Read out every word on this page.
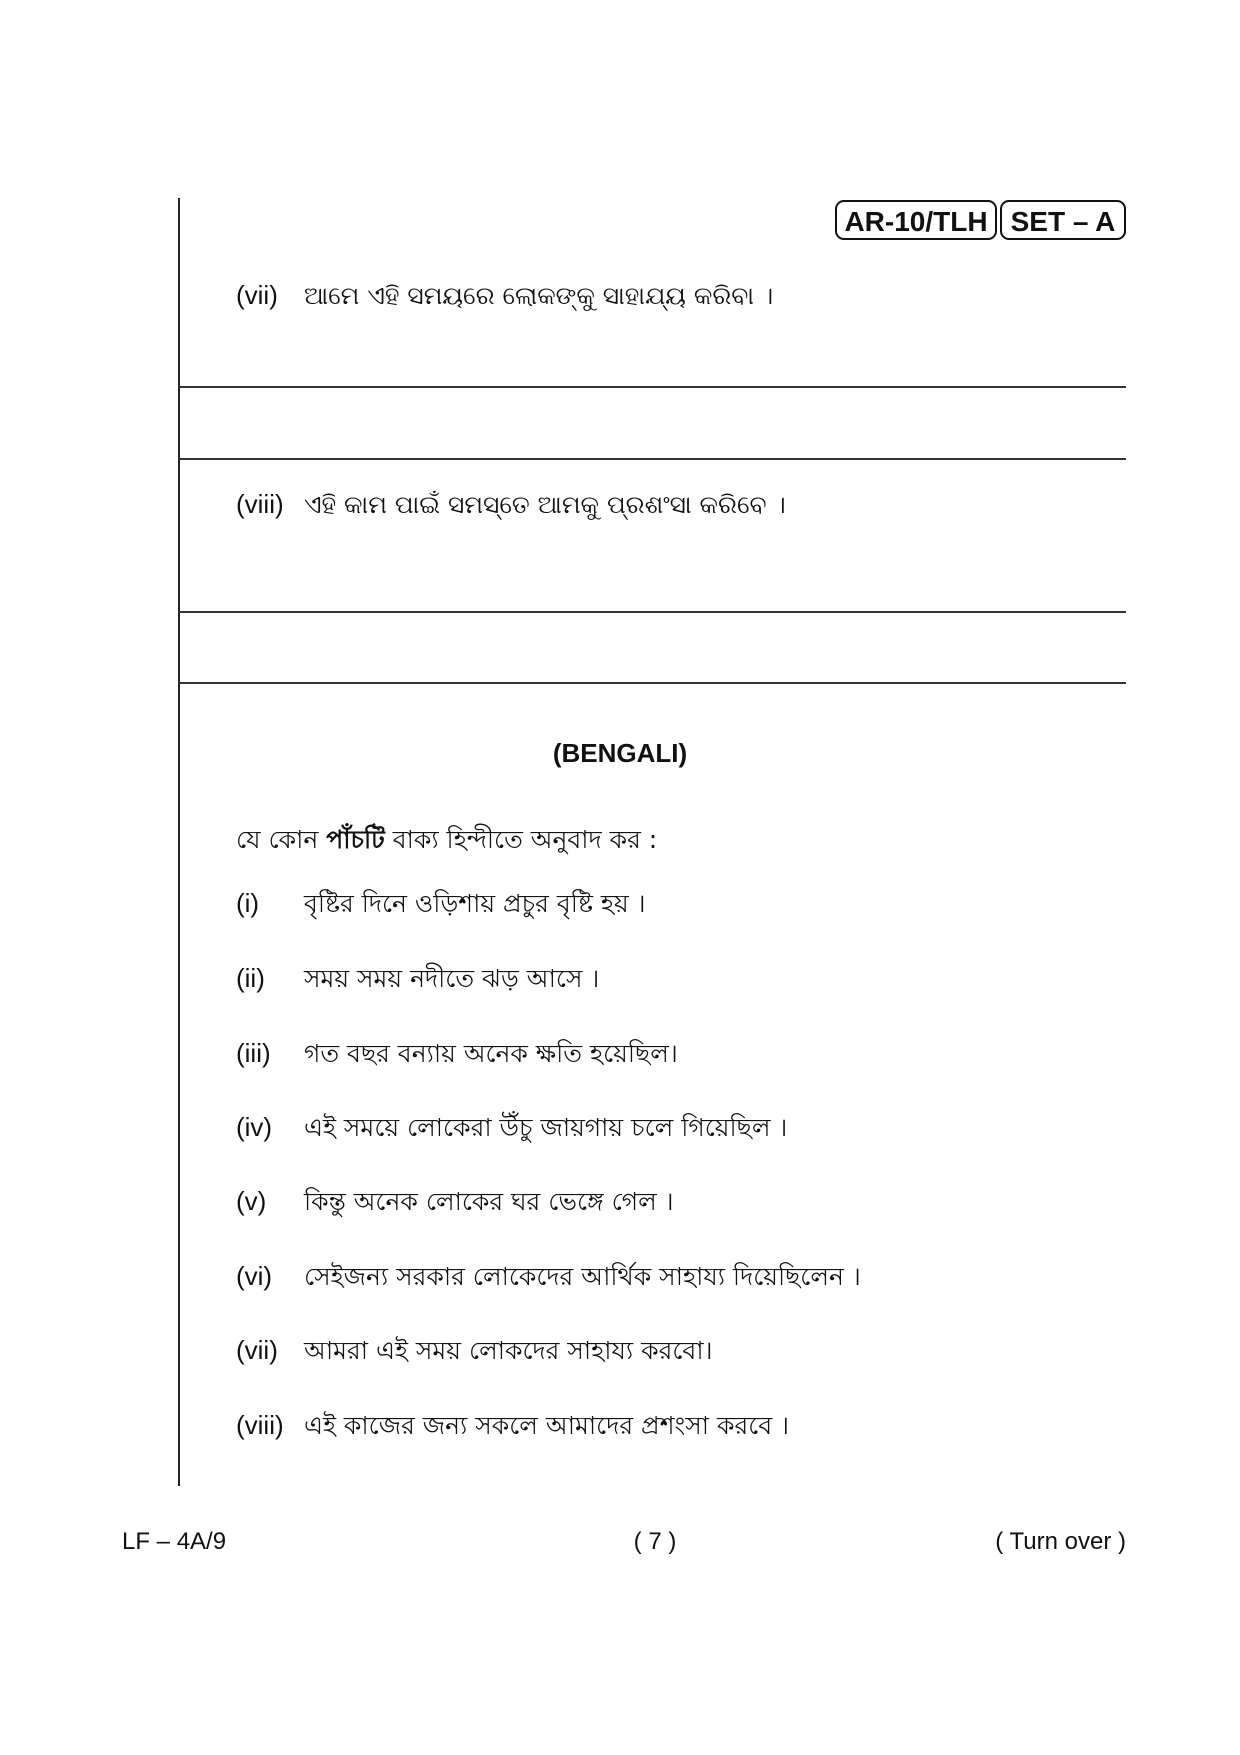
AR-10/TLH SET – A
(vii) ଆମେ ଏହି ସମୟରେ ଲୋକଙ୍କୁ ସାହାଯ୍ୟ କରିବା ।
(viii) ଏହି କାମ ପାଇଁ ସମସ୍ତେ ଆମକୁ ପ୍ରଶଂସା କରିବେ ।
(BENGALI)
যে কোন পাঁচটি বাক্য হিন্দীতে অনুবাদ কর :
(i) বৃষ্টির দিনে ওড়িশায় প্রচুর বৃষ্টি হয় ।
(ii) সময় সময় নদীতে ঝড় আসে ।
(iii) গত বছর বন্যায় অনেক ক্ষতি হয়েছিল।
(iv) এই সময়ে লোকেরা উঁচু জায়গায় চলে গিয়েছিল ।
(v) কিন্তু অনেক লোকের ঘর ভেঙ্গে গেল ।
(vi) সেইজন্য সরকার লোকেদের আর্থিক সাহায্য দিয়েছিলেন ।
(vii) আমরা এই সময় লোকদের সাহায্য করবো।
(viii) এই কাজের জন্য সকলে আমাদের প্রশংসা করবে ।
LF – 4A/9	( 7 )	( Turn over )
